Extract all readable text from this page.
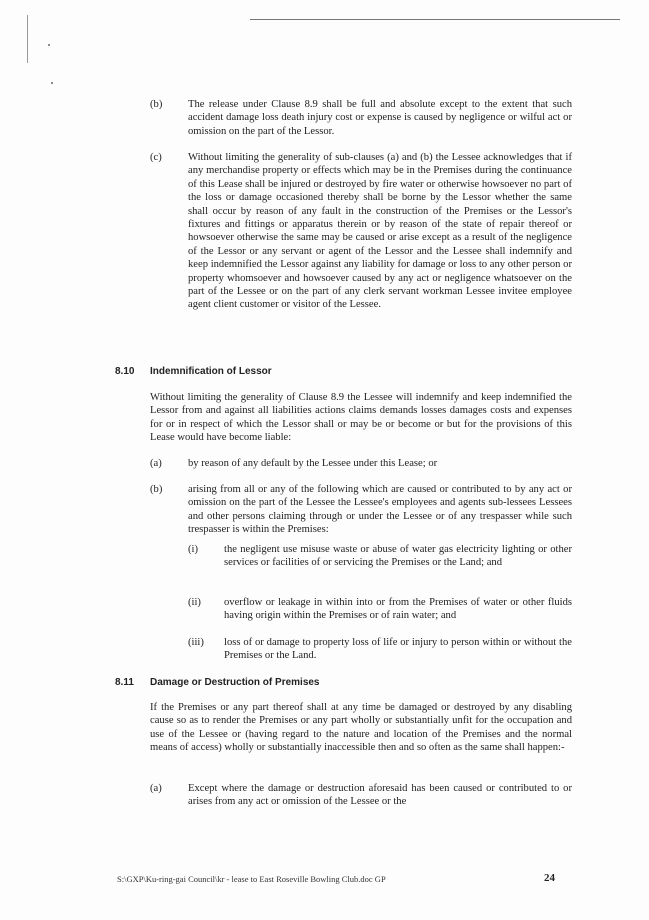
(b) The release under Clause 8.9 shall be full and absolute except to the extent that such accident damage loss death injury cost or expense is caused by negligence or wilful act or omission on the part of the Lessor.
(c) Without limiting the generality of sub-clauses (a) and (b) the Lessee acknowledges that if any merchandise property or effects which may be in the Premises during the continuance of this Lease shall be injured or destroyed by fire water or otherwise howsoever no part of the loss or damage occasioned thereby shall be borne by the Lessor whether the same shall occur by reason of any fault in the construction of the Premises or the Lessor's fixtures and fittings or apparatus therein or by reason of the state of repair thereof or howsoever otherwise the same may be caused or arise except as a result of the negligence of the Lessor or any servant or agent of the Lessor and the Lessee shall indemnify and keep indemnified the Lessor against any liability for damage or loss to any other person or property whomsoever and howsoever caused by any act or negligence whatsoever on the part of the Lessee or on the part of any clerk servant workman Lessee invitee employee agent client customer or visitor of the Lessee.
8.10 Indemnification of Lessor
Without limiting the generality of Clause 8.9 the Lessee will indemnify and keep indemnified the Lessor from and against all liabilities actions claims demands losses damages costs and expenses for or in respect of which the Lessor shall or may be or become or but for the provisions of this Lease would have become liable:
(a) by reason of any default by the Lessee under this Lease; or
(b) arising from all or any of the following which are caused or contributed to by any act or omission on the part of the Lessee the Lessee's employees and agents sub-lessees Lessees and other persons claiming through or under the Lessee or of any trespasser while such trespasser is within the Premises:
(i) the negligent use misuse waste or abuse of water gas electricity lighting or other services or facilities of or servicing the Premises or the Land; and
(ii) overflow or leakage in within into or from the Premises of water or other fluids having origin within the Premises or of rain water; and
(iii) loss of or damage to property loss of life or injury to person within or without the Premises or the Land.
8.11 Damage or Destruction of Premises
If the Premises or any part thereof shall at any time be damaged or destroyed by any disabling cause so as to render the Premises or any part wholly or substantially unfit for the occupation and use of the Lessee or (having regard to the nature and location of the Premises and the normal means of access) wholly or substantially inaccessible then and so often as the same shall happen:-
(a) Except where the damage or destruction aforesaid has been caused or contributed to or arises from any act or omission of the Lessee or the
S:\GXP\Ku-ring-gai Council\kr - lease to East Roseville Bowling Club.doc GP	24
